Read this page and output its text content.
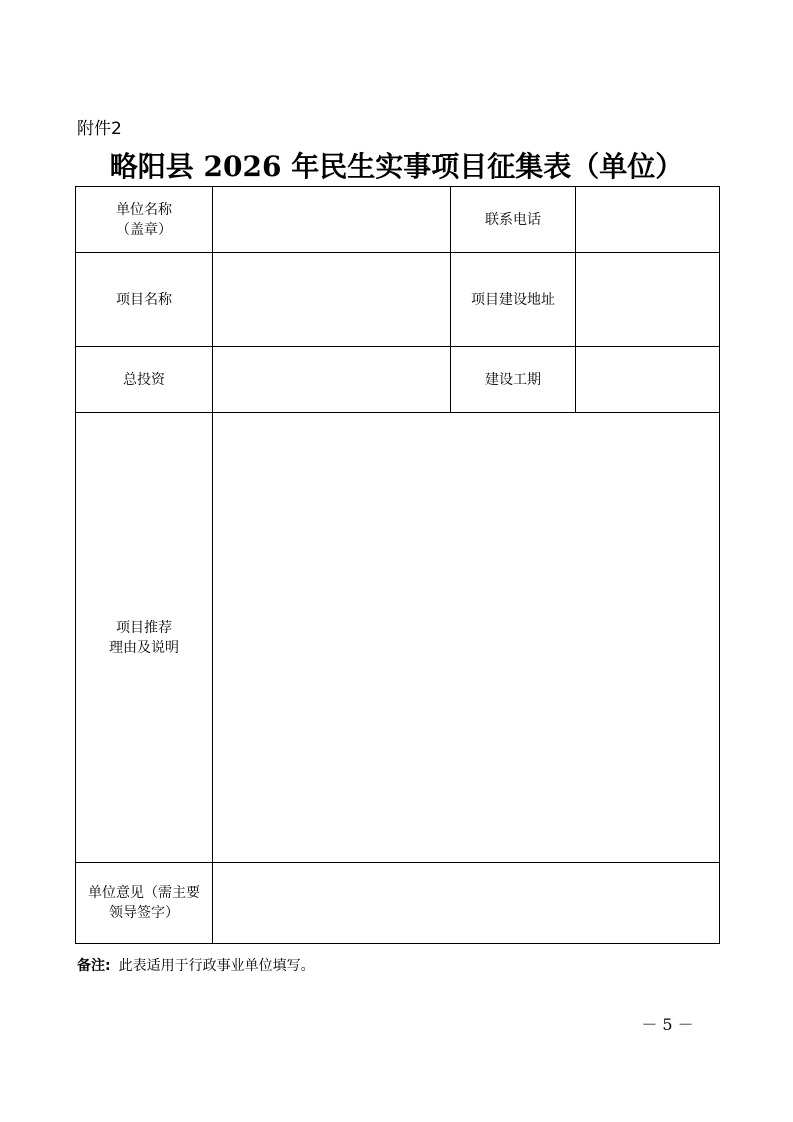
附件2
略阳县 2026 年民生实事项目征集表（单位）
单位名称
（盖章）		联系电话	

项目名称		项目建设地址	

总投资		建设工期	

项目推荐
理由及说明			

单位意见（需主要
领导签字）			

备注: 此表适用于行政事业单位填写。
－ 5 －
